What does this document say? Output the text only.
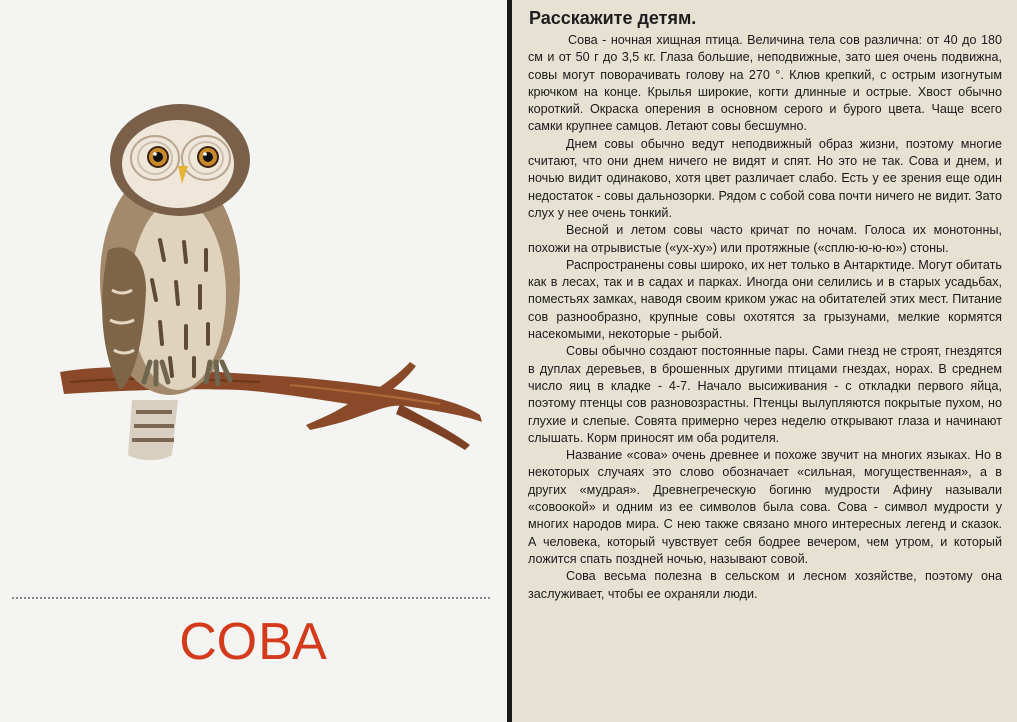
СОВА
Расскажите детям.

Сова - ночная хищная птица. Величина тела сов различна: от 40 до 180 см и от 50 г до 3,5 кг. Глаза большие, неподвижные, зато шея очень подвижна, совы могут поворачивать голову на 270 °. Клюв крепкий, с острым изогнутым крючком на конце. Крылья широкие, когти длинные и острые. Хвост обычно короткий. Окраска оперения в основном серого и бурого цвета. Чаще всего самки крупнее самцов. Летают совы бесшумно.

Днем совы обычно ведут неподвижный образ жизни, поэтому многие считают, что они днем ничего не видят и спят. Но это не так. Сова и днем, и ночью видит одинаково, хотя цвет различает слабо. Есть у ее зрения еще один недостаток - совы дальнозорки. Рядом с собой сова почти ничего не видит. Зато слух у нее очень тонкий.

Весной и летом совы часто кричат по ночам. Голоса их монотонны, похожи на отрывистые («ух-ху») или протяжные («сплю-ю-ю-ю») стоны.

Распространены совы широко, их нет только в Антарктиде. Могут обитать как в лесах, так и в садах и парках. Иногда они селились и в старых усадьбах, поместьях замках, наводя своим криком ужас на обитателей этих мест. Питание сов разнообразно, крупные совы охотятся за грызунами, мелкие кормятся насекомыми, некоторые - рыбой.

Совы обычно создают постоянные пары. Сами гнезд не строят, гнездятся в дуплах деревьев, в брошенных другими птицами гнездах, норах. В среднем число яиц в кладке - 4-7. Начало высиживания - с откладки первого яйца, поэтому птенцы сов разновозрастны. Птенцы вылупляются покрытые пухом, но глухие и слепые. Совята примерно через неделю открывают глаза и начинают слышать. Корм приносят им оба родителя.

Название «сова» очень древнее и похоже звучит на многих языках. Но в некоторых случаях это слово обозначает «сильная, могущественная», а в других «мудрая». Древнегреческую богиню мудрости Афину называли «совоокой» и одним из ее символов была сова. Сова - символ мудрости у многих народов мира. С нею также связано много интересных легенд и сказок. А человека, который чувствует себя бодрее вечером, чем утром, и который ложится спать поздней ночью, называют совой.

Сова весьма полезна в сельском и лесном хозяйстве, поэтому она заслуживает, чтобы ее охраняли люди.
